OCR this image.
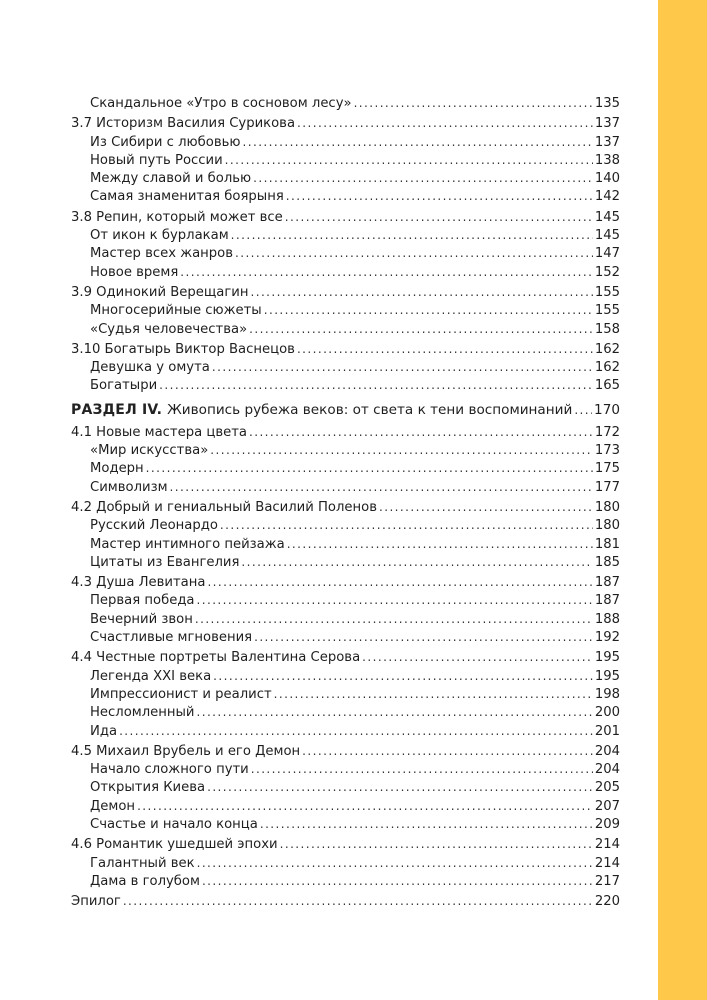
Скандальное «Утро в сосновом лесу» . . .	135
3.7 Историзм Василия Сурикова . . .	137
Из Сибири с любовью . . .	137
Новый путь России . . .	138
Между славой и болью . . .	140
Самая знаменитая боярыня . . .	142
3.8 Репин, который может все . . .	145
От икон к бурлакам . . .	145
Мастер всех жанров . . .	147
Новое время . . .	152
3.9 Одинокий Верещагин . . .	155
Многосерийные сюжеты . . .	155
«Судья человечества» . . .	158
3.10 Богатырь Виктор Васнецов . . .	162
Девушка у омута . . .	162
Богатыри . . .	165
РАЗДЕЛ IV. Живопись рубежа веков: от света к тени воспоминаний . . . 170
4.1 Новые мастера цвета . . .	172
«Мир искусства» . . .	173
Модерн . . .	175
Символизм . . .	177
4.2 Добрый и гениальный Василий Поленов . . .	180
Русский Леонардо . . .	180
Мастер интимного пейзажа . . .	181
Цитаты из Евангелия . . .	185
4.3 Душа Левитана . . .	187
Первая победа . . .	187
Вечерний звон . . .	188
Счастливые мгновения . . .	192
4.4 Честные портреты Валентина Серова . . .	195
Легенда XXI века . . .	195
Импрессионист и реалист . . .	198
Несломленный . . .	200
Ида . . .	201
4.5 Михаил Врубель и его Демон . . .	204
Начало сложного пути . . .	204
Открытия Киева . . .	205
Демон . . .	207
Счастье и начало конца . . .	209
4.6 Романтик ушедшей эпохи . . .	214
Галантный век . . .	214
Дама в голубом . . .	217
Эпилог . . .	220
